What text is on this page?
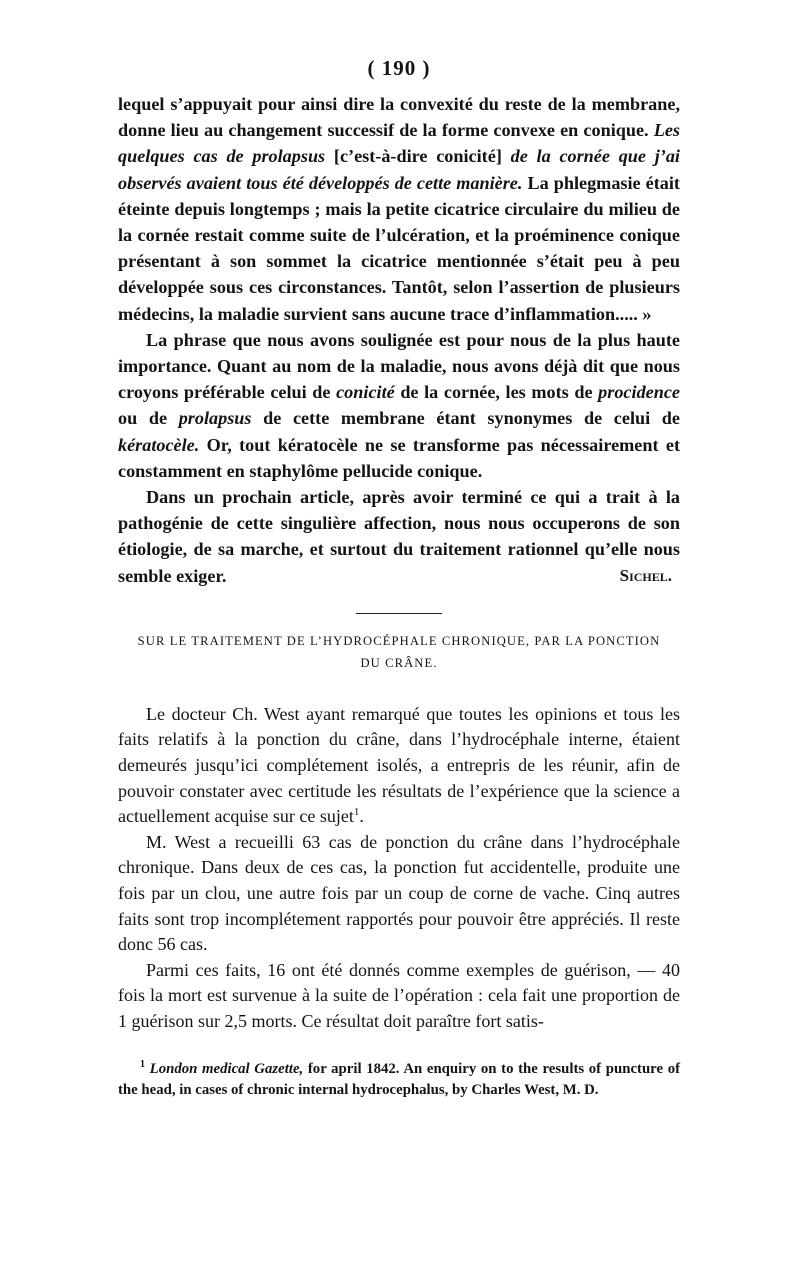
( 190 )

lequel s’appuyait pour ainsi dire la convexité du reste de la membrane, donne lieu au changement successif de la forme convexe en conique. Les quelques cas de prolapsus [c’est-à-dire conicité] de la cornée que j’ai observés avaient tous été développés de cette manière. La phlegmasie était éteinte depuis longtemps ; mais la petite cicatrice circulaire du milieu de la cornée restait comme suite de l’ulcération, et la proéminence conique présentant à son sommet la cicatrice mentionnée s’était peu à peu développée sous ces circonstances. Tantôt, selon l’assertion de plusieurs médecins, la maladie survient sans aucune trace d’inflammation..... »

La phrase que nous avons soulignée est pour nous de la plus haute importance. Quant au nom de la maladie, nous avons déjà dit que nous croyons préférable celui de conicité de la cornée, les mots de procidence ou de prolapsus de cette membrane étant synonymes de celui de kératocèle. Or, tout kératocèle ne se transforme pas nécessairement et constamment en staphylôme pellucide conique.

Dans un prochain article, après avoir terminé ce qui a trait à la pathogénie de cette singulière affection, nous nous occuperons de son étiologie, de sa marche, et surtout du traitement rationnel qu’elle nous semble exiger.	Sichel.

SUR LE TRAITEMENT DE L’HYDROCÉPHALE CHRONIQUE, PAR LA PONCTION
DU CRÂNE.

Le docteur Ch. West ayant remarqué que toutes les opinions et tous les faits relatifs à la ponction du crâne, dans l’hydrocéphale interne, étaient demeurés jusqu’ici complétement isolés, a entrepris de les réunir, afin de pouvoir constater avec certitude les résultats de l’expérience que la science a actuellement acquise sur ce sujet$^1$.

M. West a recueilli 63 cas de ponction du crâne dans l’hydrocéphale chronique. Dans deux de ces cas, la ponction fut accidentelle, produite une fois par un clou, une autre fois par un coup de corne de vache. Cinq autres faits sont trop incomplétement rapportés pour pouvoir être appréciés. Il reste donc 56 cas.

Parmi ces faits, 16 ont été donnés comme exemples de guérison, — 40 fois la mort est survenue à la suite de l’opération : cela fait une proportion de 1 guérison sur 2,5 morts. Ce résultat doit paraître fort satis-

$^1$ London medical Gazette, for april 1842. An enquiry on to the results of puncture of the head, in cases of chronic internal hydrocephalus, by Charles West, M. D.
